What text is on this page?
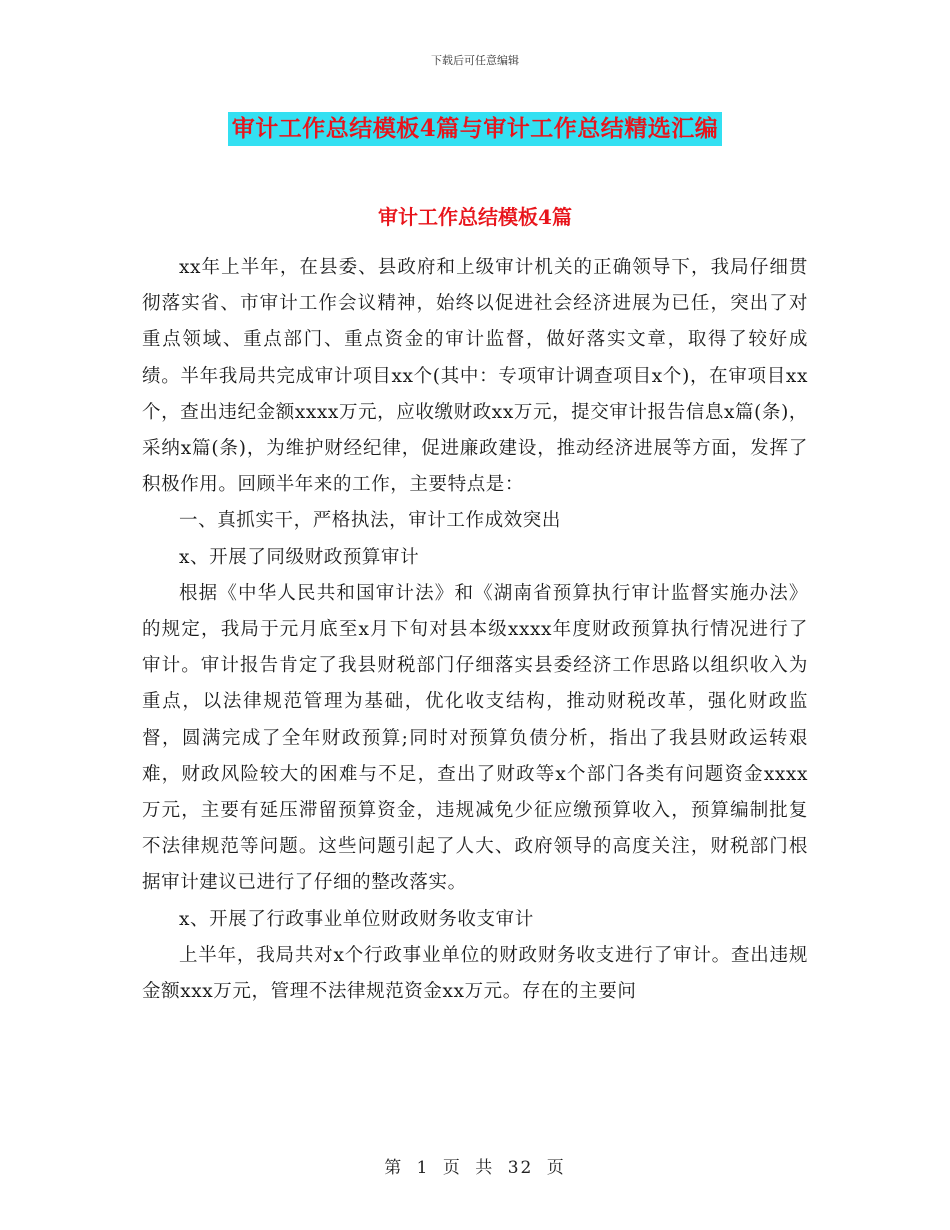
下载后可任意编辑
审计工作总结模板4篇与审计工作总结精选汇编
审计工作总结模板4篇

xx年上半年，在县委、县政府和上级审计机关的正确领导下，我局仔细贯彻落实省、市审计工作会议精神，始终以促进社会经济进展为已任，突出了对重点领域、重点部门、重点资金的审计监督，做好落实文章，取得了较好成绩。半年我局共完成审计项目xx个(其中：专项审计调查项目x个)，在审项目xx个，查出违纪金额xxxx万元，应收缴财政xx万元，提交审计报告信息x篇(条)，采纳x篇(条)，为维护财经纪律，促进廉政建设，推动经济进展等方面，发挥了积极作用。回顾半年来的工作，主要特点是：

一、真抓实干，严格执法，审计工作成效突出

x、开展了同级财政预算审计

根据《中华人民共和国审计法》和《湖南省预算执行审计监督实施办法》的规定，我局于元月底至x月下旬对县本级xxxx年度财政预算执行情况进行了审计。审计报告肯定了我县财税部门仔细落实县委经济工作思路以组织收入为重点，以法律规范管理为基础，优化收支结构，推动财税改革，强化财政监督，圆满完成了全年财政预算;同时对预算负债分析，指出了我县财政运转艰难，财政风险较大的困难与不足，查出了财政等x个部门各类有问题资金xxxx万元，主要有延压滞留预算资金，违规减免少征应缴预算收入，预算编制批复不法律规范等问题。这些问题引起了人大、政府领导的高度关注，财税部门根据审计建议已进行了仔细的整改落实。

x、开展了行政事业单位财政财务收支审计

上半年，我局共对x个行政事业单位的财政财务收支进行了审计。查出违规金额xxx万元，管理不法律规范资金xx万元。存在的主要问

第 1 页 共 32 页
